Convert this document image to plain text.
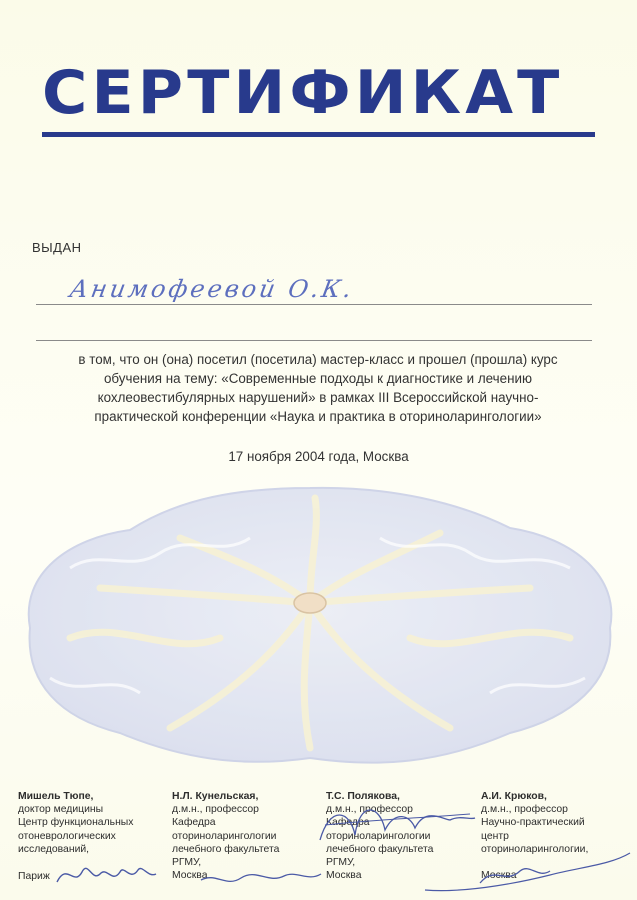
СЕРТИФИКАТ
ВЫДАН
Анимофеевой О.К.
в том, что он (она) посетил (посетила) мастер-класс и прошел (прошла) курс
обучения на тему: «Современные подходы к диагностике и лечению
кохлеовестибулярных нарушений» в рамках III Всероссийской научно-
практической конференции «Наука и практика в оториноларингологии»
17 ноября 2004 года, Москва
Мишель Тюпе,
доктор медицины
Центр функциональных
отоневрологических
исследований,
Париж
Н.Л. Кунельская,
д.м.н., профессор
Кафедра
оториноларингологии
лечебного факультета
РГМУ,
Москва
Т.С. Полякова,
д.м.н., профессор
Кафедра
оториноларингологии
лечебного факультета
РГМУ,
Москва
А.И. Крюков,
д.м.н., профессор
Научно-практический
центр
оториноларингологии,
Москва
